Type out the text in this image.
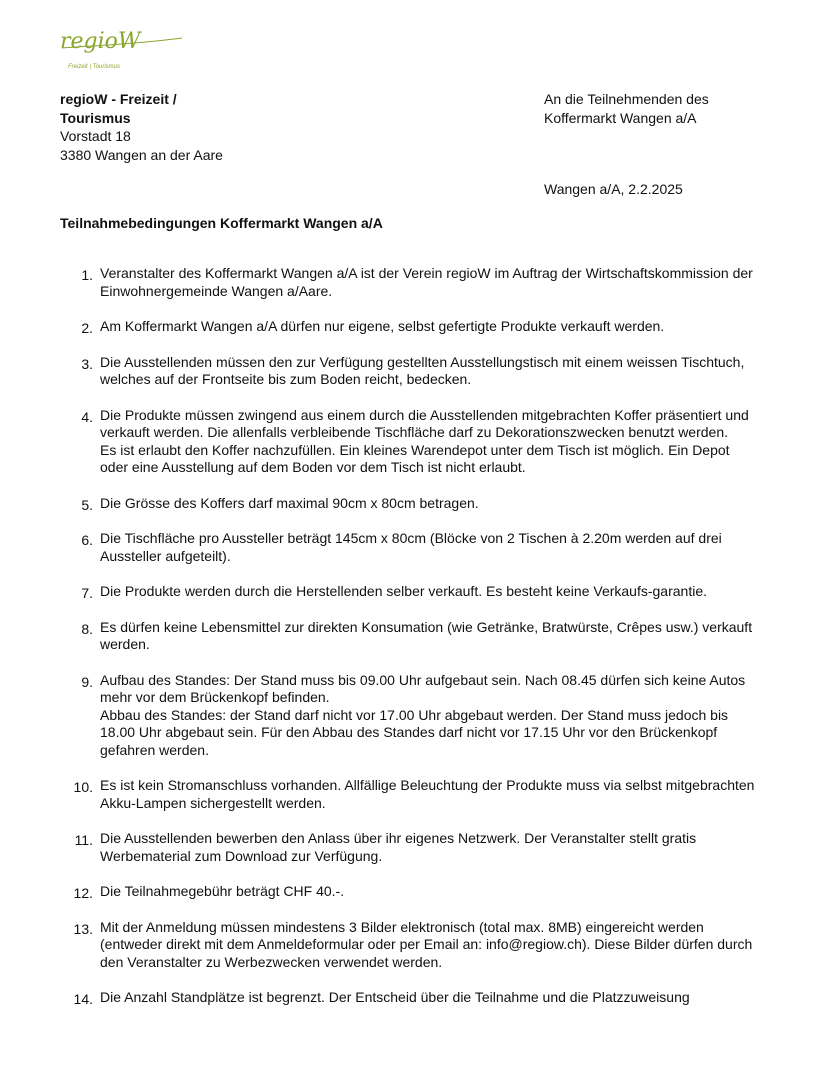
regioW
Freizeit | Tourismus
regioW - Freizeit / Tourismus
Vorstadt 18
3380 Wangen an der Aare
An die Teilnehmenden des Koffermarkt Wangen a/A
Wangen a/A, 2.2.2025
Teilnahmebedingungen Koffermarkt Wangen a/A
1. Veranstalter des Koffermarkt Wangen a/A ist der Verein regioW im Auftrag der Wirtschaftskommission der Einwohnergemeinde Wangen a/Aare.
2. Am Koffermarkt Wangen a/A dürfen nur eigene, selbst gefertigte Produkte verkauft werden.
3. Die Ausstellenden müssen den zur Verfügung gestellten Ausstellungstisch mit einem weissen Tischtuch, welches auf der Frontseite bis zum Boden reicht, bedecken.
4. Die Produkte müssen zwingend aus einem durch die Ausstellenden mitgebrachten Koffer präsentiert und verkauft werden. Die allenfalls verbleibende Tischfläche darf zu Dekorationszwecken benutzt werden.
Es ist erlaubt den Koffer nachzufüllen. Ein kleines Warendepot unter dem Tisch ist möglich. Ein Depot oder eine Ausstellung auf dem Boden vor dem Tisch ist nicht erlaubt.
5. Die Grösse des Koffers darf maximal 90cm x 80cm betragen.
6. Die Tischfläche pro Aussteller beträgt 145cm x 80cm (Blöcke von 2 Tischen à 2.20m werden auf drei Aussteller aufgeteilt).
7. Die Produkte werden durch die Herstellenden selber verkauft. Es besteht keine Verkaufs-garantie.
8. Es dürfen keine Lebensmittel zur direkten Konsumation (wie Getränke, Bratwürste, Crêpes usw.) verkauft werden.
9. Aufbau des Standes: Der Stand muss bis 09.00 Uhr aufgebaut sein. Nach 08.45 dürfen sich keine Autos mehr vor dem Brückenkopf befinden.
Abbau des Standes: der Stand darf nicht vor 17.00 Uhr abgebaut werden. Der Stand muss jedoch bis 18.00 Uhr abgebaut sein. Für den Abbau des Standes darf nicht vor 17.15 Uhr vor den Brückenkopf gefahren werden.
10. Es ist kein Stromanschluss vorhanden. Allfällige Beleuchtung der Produkte muss via selbst mitgebrachten Akku-Lampen sichergestellt werden.
11. Die Ausstellenden bewerben den Anlass über ihr eigenes Netzwerk. Der Veranstalter stellt gratis Werbematerial zum Download zur Verfügung.
12. Die Teilnahmegebühr beträgt CHF 40.-.
13. Mit der Anmeldung müssen mindestens 3 Bilder elektronisch (total max. 8MB) eingereicht werden (entweder direkt mit dem Anmeldeformular oder per Email an: info@regiow.ch). Diese Bilder dürfen durch den Veranstalter zu Werbezwecken verwendet werden.
14. Die Anzahl Standplätze ist begrenzt. Der Entscheid über die Teilnahme und die Platzzuweisung
